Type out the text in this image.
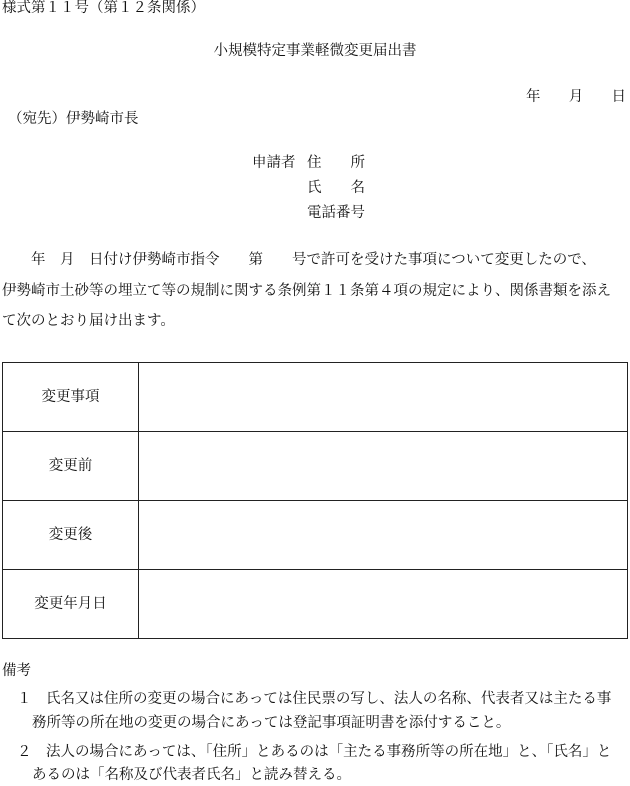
様式第１１号（第１２条関係）
小規模特定事業軽微変更届出書
年 月 日
（宛先）伊勢崎市長
申請者 住　　所
氏　　名
電話番号
　　年　月　日付け伊勢崎市指令　　第　　号で許可を受けた事項について変更したので、
伊勢崎市土砂等の埋立て等の規制に関する条例第１１条第４項の規定により、関係書類を添え
て次のとおり届け出ます。
変更事項	
変更前	
変更後	
変更年月日	
備考
１　氏名又は住所の変更の場合にあっては住民票の写し、法人の名称、代表者又は主たる事
務所等の所在地の変更の場合にあっては登記事項証明書を添付すること。
２　法人の場合にあっては、「住所」とあるのは「主たる事務所等の所在地」と、「氏名」と
あるのは「名称及び代表者氏名」と読み替える。
